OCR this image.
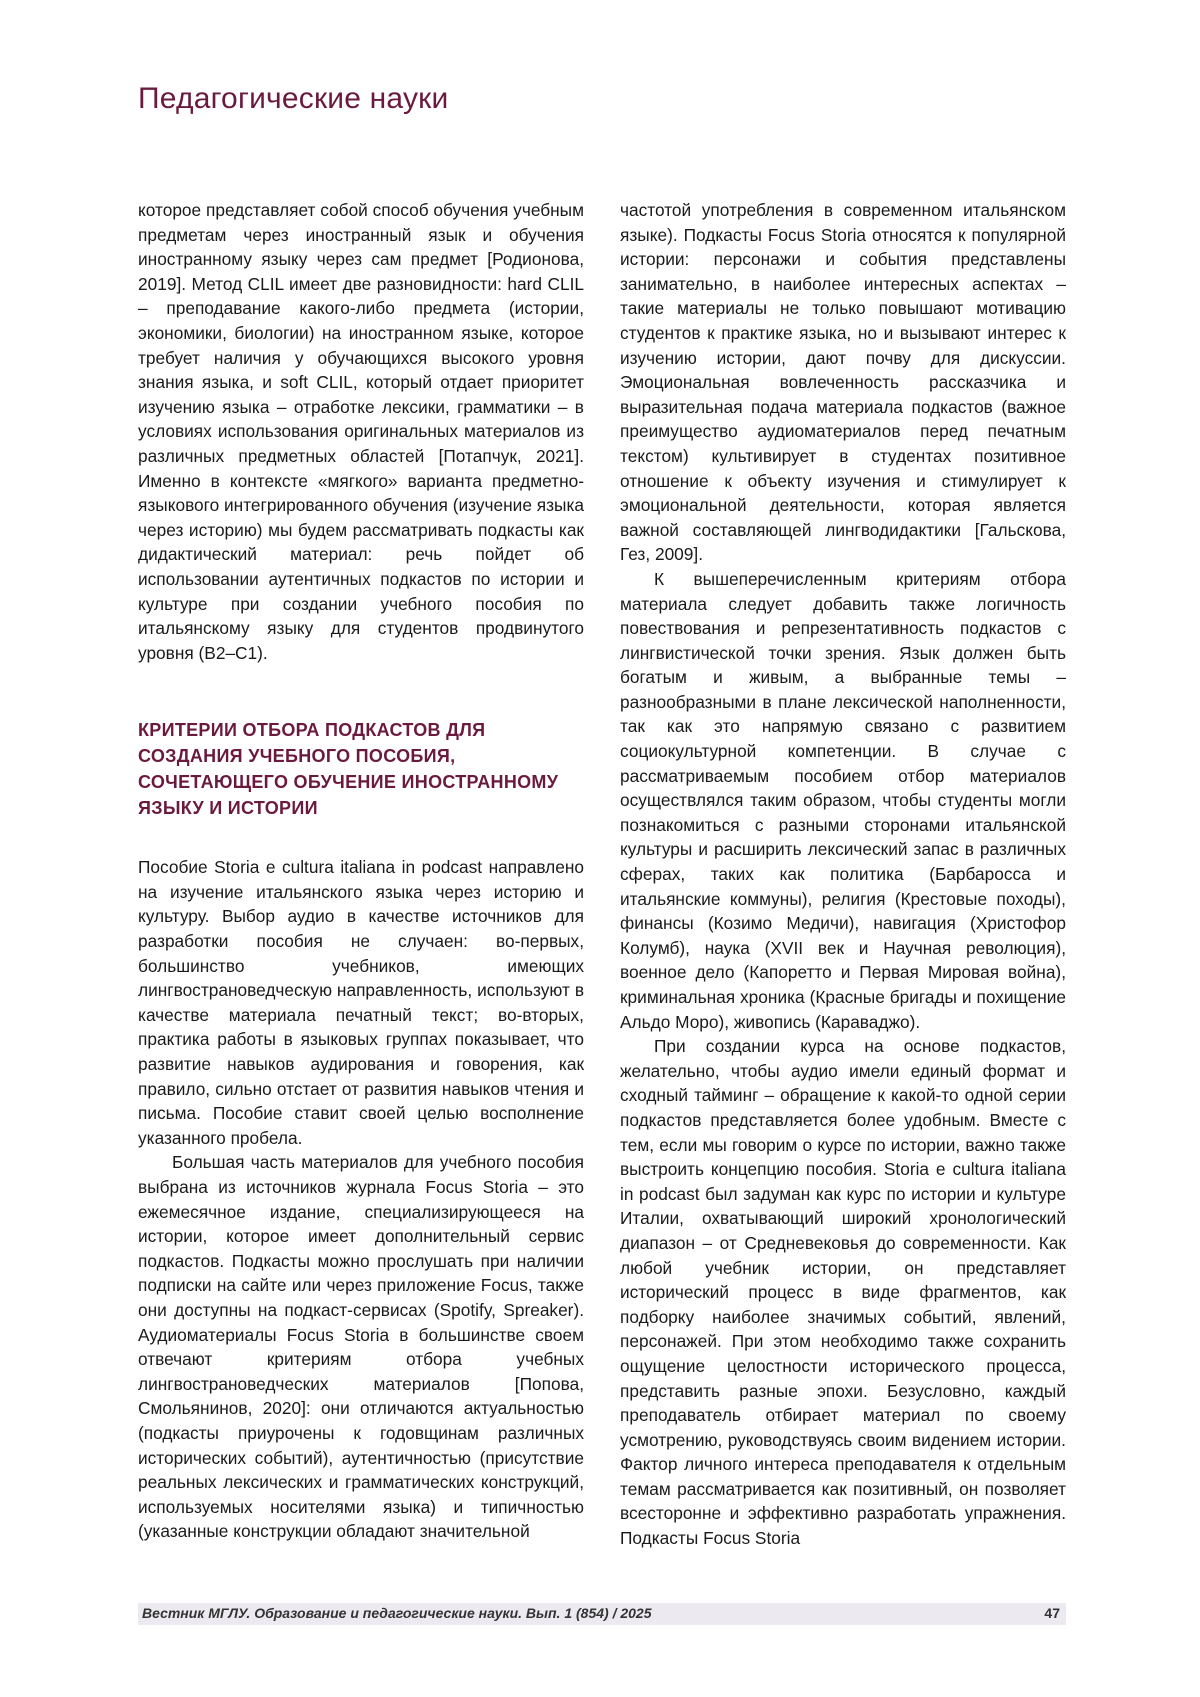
Педагогические науки

которое представляет собой способ обучения учебным предметам через иностранный язык и обучения иностранному языку через сам предмет [Родионова, 2019]. Метод CLIL имеет две разновидности: hard CLIL – преподавание какого-либо предмета (истории, экономики, биологии) на иностранном языке, которое требует наличия у обучающихся высокого уровня знания языка, и soft CLIL, который отдает приоритет изучению языка – отработке лексики, грамматики – в условиях использования оригинальных материалов из различных предметных областей [Потапчук, 2021]. Именно в контексте «мягкого» варианта предметно-языкового интегрированного обучения (изучение языка через историю) мы будем рассматривать подкасты как дидактический материал: речь пойдет об использовании аутентичных подкастов по истории и культуре при создании учебного пособия по итальянскому языку для студентов продвинутого уровня (B2–C1).

КРИТЕРИИ ОТБОРА ПОДКАСТОВ ДЛЯ СОЗДАНИЯ УЧЕБНОГО ПОСОБИЯ, СОЧЕТАЮЩЕГО ОБУЧЕНИЕ ИНОСТРАННОМУ ЯЗЫКУ И ИСТОРИИ

Пособие Storia e cultura italiana in podcast направлено на изучение итальянского языка через историю и культуру. Выбор аудио в качестве источников для разработки пособия не случаен: во-первых, большинство учебников, имеющих лингвострановедческую направленность, используют в качестве материала печатный текст; во-вторых, практика работы в языковых группах показывает, что развитие навыков аудирования и говорения, как правило, сильно отстает от развития навыков чтения и письма. Пособие ставит своей целью восполнение указанного пробела.

Большая часть материалов для учебного пособия выбрана из источников журнала Focus Storia – это ежемесячное издание, специализирующееся на истории, которое имеет дополнительный сервис подкастов. Подкасты можно прослушать при наличии подписки на сайте или через приложение Focus, также они доступны на подкаст-сервисах (Spotify, Spreaker). Аудиоматериалы Focus Storia в большинстве своем отвечают критериям отбора учебных лингвострановедческих материалов [Попова, Смольянинов, 2020]: они отличаются актуальностью (подкасты приурочены к годовщинам различных исторических событий), аутентичностью (присутствие реальных лексических и грамматических конструкций, используемых носителями языка) и типичностью (указанные конструкции обладают значительной

частотой употребления в современном итальянском языке). Подкасты Focus Storia относятся к популярной истории: персонажи и события представлены занимательно, в наиболее интересных аспектах – такие материалы не только повышают мотивацию студентов к практике языка, но и вызывают интерес к изучению истории, дают почву для дискуссии. Эмоциональная вовлеченность рассказчика и выразительная подача материала подкастов (важное преимущество аудиоматериалов перед печатным текстом) культивирует в студентах позитивное отношение к объекту изучения и стимулирует к эмоциональной деятельности, которая является важной составляющей лингводидактики [Гальскова, Гез, 2009].

К вышеперечисленным критериям отбора материала следует добавить также логичность повествования и репрезентативность подкастов с лингвистической точки зрения. Язык должен быть богатым и живым, а выбранные темы – разнообразными в плане лексической наполненности, так как это напрямую связано с развитием социокультурной компетенции. В случае с рассматриваемым пособием отбор материалов осуществлялся таким образом, чтобы студенты могли познакомиться с разными сторонами итальянской культуры и расширить лексический запас в различных сферах, таких как политика (Барбаросса и итальянские коммуны), религия (Крестовые походы), финансы (Козимо Медичи), навигация (Христофор Колумб), наука (XVII век и Научная революция), военное дело (Капоретто и Первая Мировая война), криминальная хроника (Красные бригады и похищение Альдо Моро), живопись (Караваджо).

При создании курса на основе подкастов, желательно, чтобы аудио имели единый формат и сходный тайминг – обращение к какой-то одной серии подкастов представляется более удобным. Вместе с тем, если мы говорим о курсе по истории, важно также выстроить концепцию пособия. Storia e cultura italiana in podcast был задуман как курс по истории и культуре Италии, охватывающий широкий хронологический диапазон – от Средневековья до современности. Как любой учебник истории, он представляет исторический процесс в виде фрагментов, как подборку наиболее значимых событий, явлений, персонажей. При этом необходимо также сохранить ощущение целостности исторического процесса, представить разные эпохи. Безусловно, каждый преподаватель отбирает материал по своему усмотрению, руководствуясь своим видением истории. Фактор личного интереса преподавателя к отдельным темам рассматривается как позитивный, он позволяет всесторонне и эффективно разработать упражнения. Подкасты Focus Storia

Вестник МГЛУ. Образование и педагогические науки. Вып. 1 (854) / 2025	47
